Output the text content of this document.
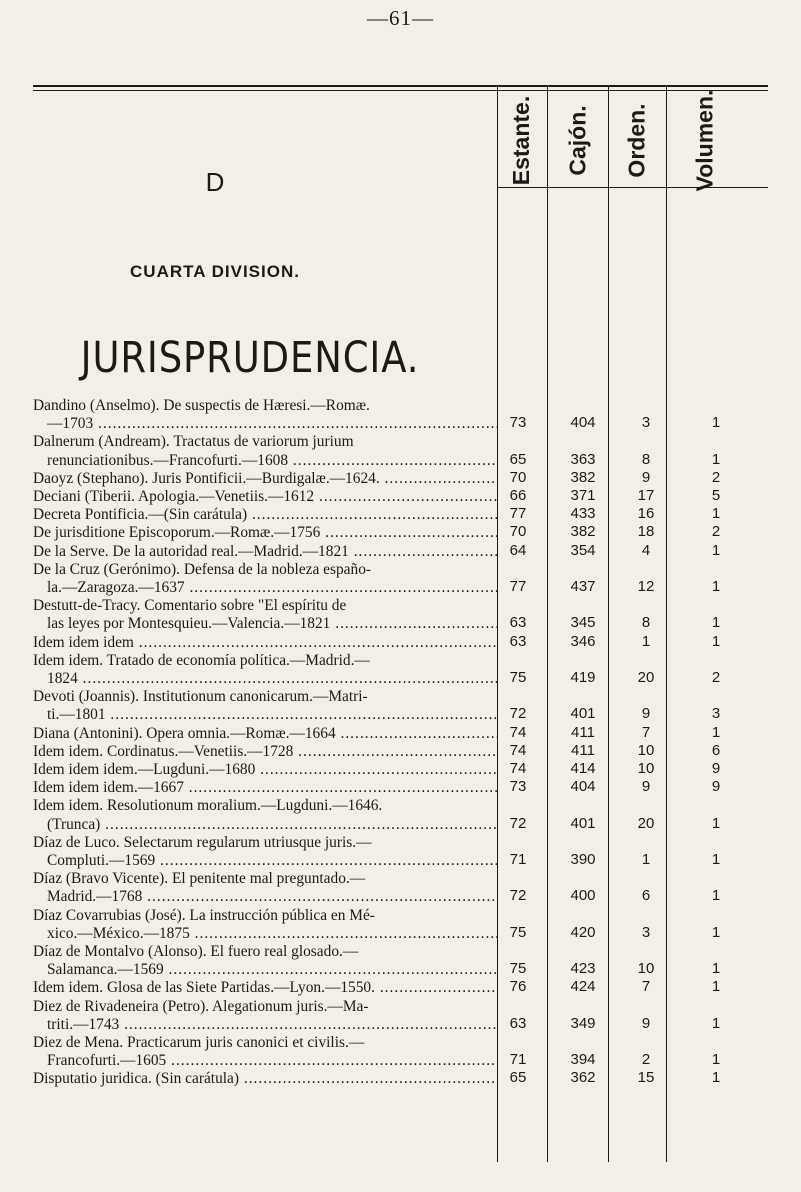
—61—
Estante. Cajón. Orden. Volumen.
D
CUARTA DIVISION.
JURISPRUDENCIA.
Dandino (Anselmo). De suspectis de Hæresi.—Romæ.
—1703 .....	73	404	3	1
Dalnerum (Andream). Tractatus de variorum jurium
renunciationibus.—Francofurti.—1608 .....	65	363	8	1
Daoyz (Stephano). Juris Pontificii.—Burdigalæ.—1624. .....	70	382	9	2
Deciani (Tiberii. Apologia.—Venetiis.—1612 .....	66	371	17	5
Decreta Pontificia.—(Sin carátula) .....	77	433	16	1
De jurisditione Episcoporum.—Romæ.—1756 .....	70	382	18	2
De la Serve. De la autoridad real.—Madrid.—1821 .....	64	354	4	1
De la Cruz (Gerónimo). Defensa de la nobleza españo-
la.—Zaragoza.—1637 .....	77	437	12	1
Destutt-de-Tracy. Comentario sobre "El espíritu de
las leyes por Montesquieu.—Valencia.—1821 .....	63	345	8	1
Idem idem idem .....	63	346	1	1
Idem idem. Tratado de economía política.—Madrid.—
1824 .....	75	419	20	2
Devoti (Joannis). Institutionum canonicarum.—Matri-
ti.—1801 .....	72	401	9	3
Diana (Antonini). Opera omnia.—Romæ.—1664 .....	74	411	7	1
Idem idem. Cordinatus.—Venetiis.—1728 .....	74	411	10	6
Idem idem idem.—Lugduni.—1680 .....	74	414	10	9
Idem idem idem.—1667 .....	73	404	9	9
Idem idem. Resolutionum moralium.—Lugduni.—1646.
(Trunca) .....	72	401	20	1
Díaz de Luco. Selectarum regularum utriusque juris.—
Compluti.—1569 .....	71	390	1	1
Díaz (Bravo Vicente). El penitente mal preguntado.—
Madrid.—1768 .....	72	400	6	1
Díaz Covarrubias (José). La instrucción pública en Mé-
xico.—México.—1875 .....	75	420	3	1
Díaz de Montalvo (Alonso). El fuero real glosado.—
Salamanca.—1569 .....	75	423	10	1
Idem idem. Glosa de las Siete Partidas.—Lyon.—1550. .....	76	424	7	1
Diez de Rivadeneira (Petro). Alegationum juris.—Ma-
triti.—1743 .....	63	349	9	1
Diez de Mena. Practicarum juris canonici et civilis.—
Francofurti.—1605 .....	71	394	2	1
Disputatio juridica. (Sin carátula) .....	65	362	15	1
